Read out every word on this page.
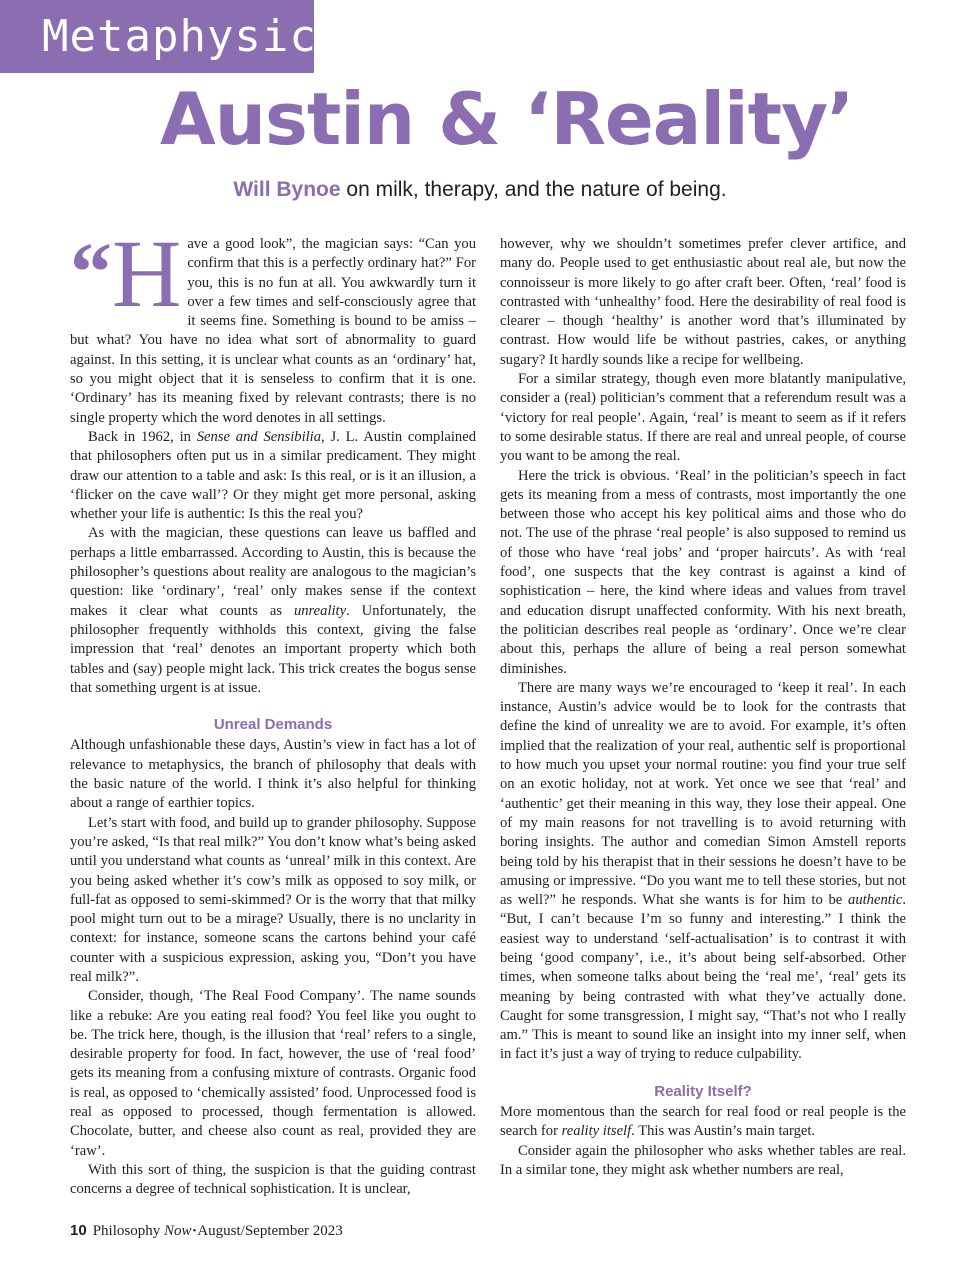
Metaphysics
Austin & ‘Reality’
Will Bynoe on milk, therapy, and the nature of being.
“ H ave a good look”, the magician says: “Can you confirm that this is a perfectly ordinary hat?” For you, this is no fun at all. You awkwardly turn it over a few times and self-consciously agree that it seems fine. Something is bound to be amiss – but what? You have no idea what sort of abnormality to guard against. In this setting, it is unclear what counts as an ‘ordinary’ hat, so you might object that it is senseless to confirm that it is one. ‘Ordinary’ has its meaning fixed by relevant contrasts; there is no single property which the word denotes in all settings.

Back in 1962, in Sense and Sensibilia, J. L. Austin complained that philosophers often put us in a similar predicament. They might draw our attention to a table and ask: Is this real, or is it an illusion, a ‘flicker on the cave wall’? Or they might get more personal, asking whether your life is authentic: Is this the real you?

As with the magician, these questions can leave us baffled and perhaps a little embarrassed. According to Austin, this is because the philosopher’s questions about reality are analogous to the magician’s question: like ‘ordinary’, ‘real’ only makes sense if the context makes it clear what counts as unreality. Unfortunately, the philosopher frequently withholds this context, giving the false impression that ‘real’ denotes an important property which both tables and (say) people might lack. This trick creates the bogus sense that something urgent is at issue.

Unreal Demands

Although unfashionable these days, Austin’s view in fact has a lot of relevance to metaphysics, the branch of philosophy that deals with the basic nature of the world. I think it’s also helpful for thinking about a range of earthier topics.

Let’s start with food, and build up to grander philosophy. Suppose you’re asked, “Is that real milk?” You don’t know what’s being asked until you understand what counts as ‘unreal’ milk in this context. Are you being asked whether it’s cow’s milk as opposed to soy milk, or full-fat as opposed to semi-skimmed? Or is the worry that that milky pool might turn out to be a mirage? Usually, there is no unclarity in context: for instance, someone scans the cartons behind your café counter with a suspicious expression, asking you, “Don’t you have real milk?”.

Consider, though, ‘The Real Food Company’. The name sounds like a rebuke: Are you eating real food? You feel like you ought to be. The trick here, though, is the illusion that ‘real’ refers to a single, desirable property for food. In fact, however, the use of ‘real food’ gets its meaning from a confusing mixture of contrasts. Organic food is real, as opposed to ‘chemically assisted’ food. Unprocessed food is real as opposed to processed, though fermentation is allowed. Chocolate, butter, and cheese also count as real, provided they are ‘raw’.

With this sort of thing, the suspicion is that the guiding contrast concerns a degree of technical sophistication. It is unclear,

however, why we shouldn’t sometimes prefer clever artifice, and many do. People used to get enthusiastic about real ale, but now the connoisseur is more likely to go after craft beer. Often, ‘real’ food is contrasted with ‘unhealthy’ food. Here the desirability of real food is clearer – though ‘healthy’ is another word that’s illuminated by contrast. How would life be without pastries, cakes, or anything sugary? It hardly sounds like a recipe for wellbeing.

For a similar strategy, though even more blatantly manipulative, consider a (real) politician’s comment that a referendum result was a ‘victory for real people’. Again, ‘real’ is meant to seem as if it refers to some desirable status. If there are real and unreal people, of course you want to be among the real.

Here the trick is obvious. ‘Real’ in the politician’s speech in fact gets its meaning from a mess of contrasts, most importantly the one between those who accept his key political aims and those who do not. The use of the phrase ‘real people’ is also supposed to remind us of those who have ‘real jobs’ and ‘proper haircuts’. As with ‘real food’, one suspects that the key contrast is against a kind of sophistication – here, the kind where ideas and values from travel and education disrupt unaffected conformity. With his next breath, the politician describes real people as ‘ordinary’. Once we’re clear about this, perhaps the allure of being a real person somewhat diminishes.

There are many ways we’re encouraged to ‘keep it real’. In each instance, Austin’s advice would be to look for the contrasts that define the kind of unreality we are to avoid. For example, it’s often implied that the realization of your real, authentic self is proportional to how much you upset your normal routine: you find your true self on an exotic holiday, not at work. Yet once we see that ‘real’ and ‘authentic’ get their meaning in this way, they lose their appeal. One of my main reasons for not travelling is to avoid returning with boring insights. The author and comedian Simon Amstell reports being told by his therapist that in their sessions he doesn’t have to be amusing or impressive. “Do you want me to tell these stories, but not as well?” he responds. What she wants is for him to be authentic. “But, I can’t because I’m so funny and interesting.” I think the easiest way to understand ‘self-actualisation’ is to contrast it with being ‘good company’, i.e., it’s about being self-absorbed. Other times, when someone talks about being the ‘real me’, ‘real’ gets its meaning by being contrasted with what they’ve actually done. Caught for some transgression, I might say, “That’s not who I really am.” This is meant to sound like an insight into my inner self, when in fact it’s just a way of trying to reduce culpability.

Reality Itself?

More momentous than the search for real food or real people is the search for reality itself. This was Austin’s main target.

Consider again the philosopher who asks whether tables are real. In a similar tone, they might ask whether numbers are real,

10 Philosophy Now•August/September 2023
